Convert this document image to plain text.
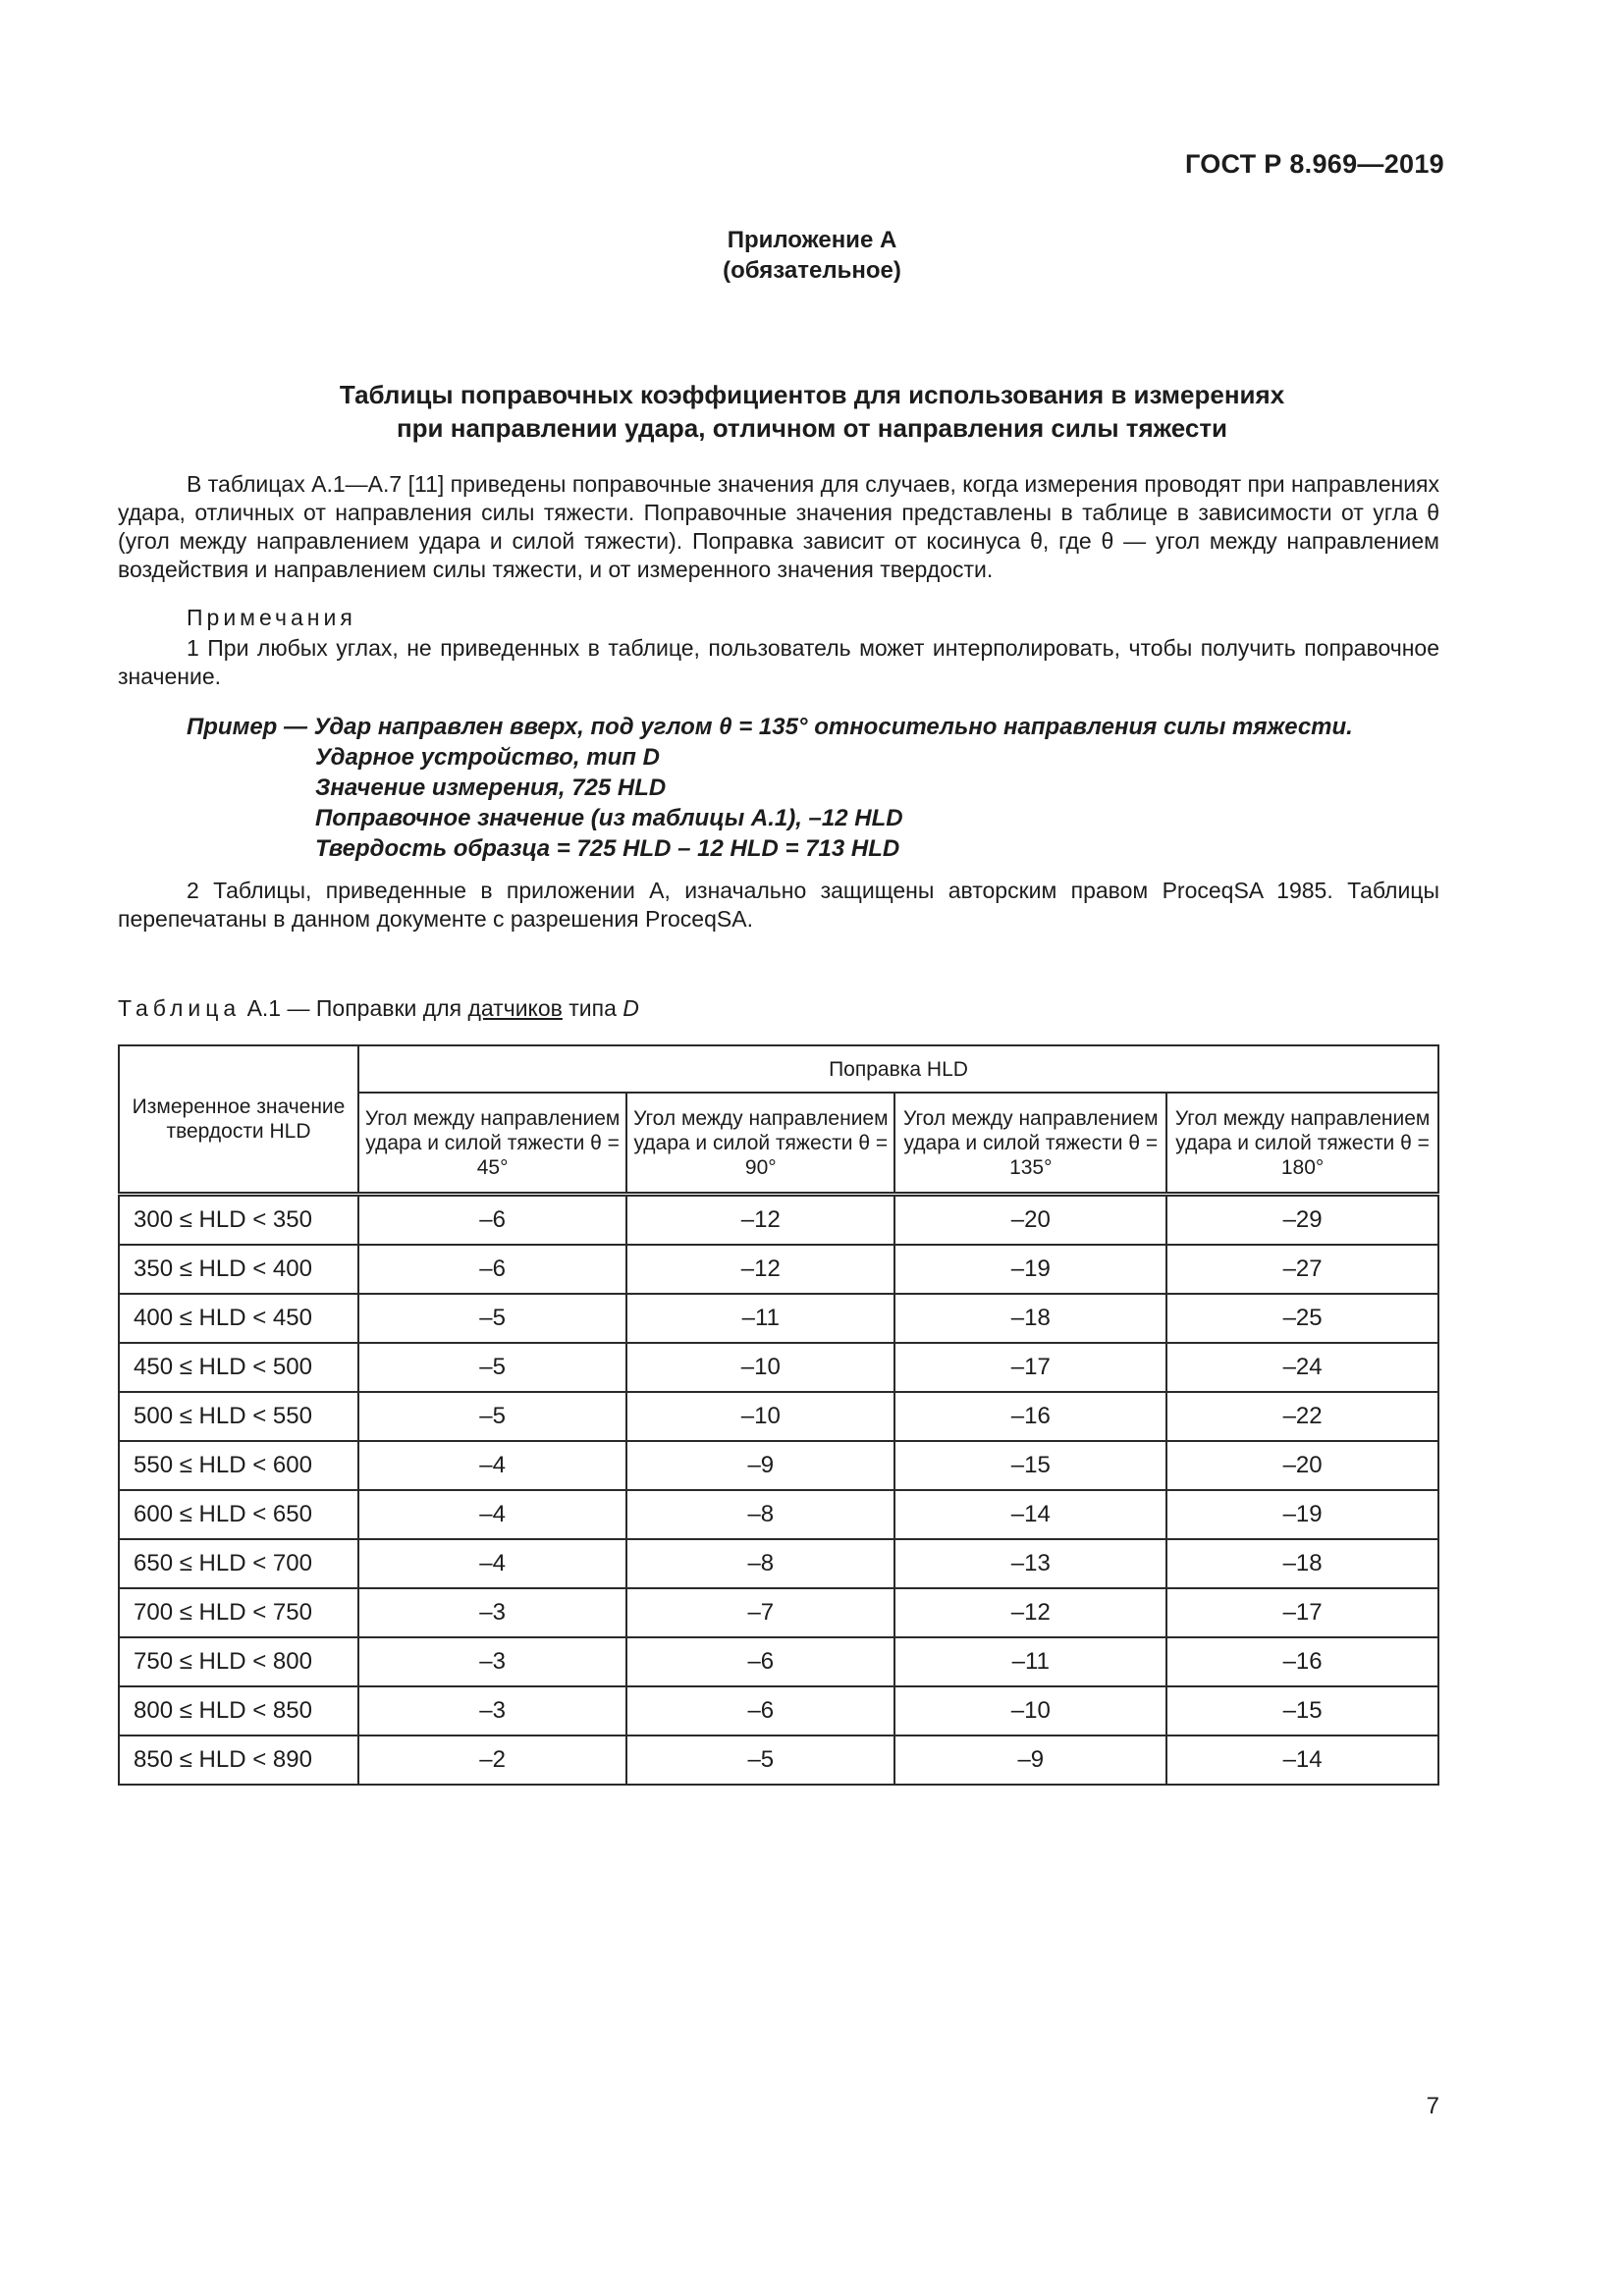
ГОСТ Р 8.969—2019
Приложение А
(обязательное)
Таблицы поправочных коэффициентов для использования в измерениях
при направлении удара, отличном от направления силы тяжести

В таблицах А.1—А.7 [11] приведены поправочные значения для случаев, когда измерения проводят при направлениях удара, отличных от направления силы тяжести. Поправочные значения представлены в таблице в зависимости от угла θ (угол между направлением удара и силой тяжести). Поправка зависит от косинуса θ, где θ — угол между направлением воздействия и направлением силы тяжести, и от измеренного значения твердости.

Примечания

1 При любых углах, не приведенных в таблице, пользователь может интерполировать, чтобы получить поправочное значение.

Пример — Удар направлен вверх, под углом θ = 135° относительно направления силы тяжести.
Ударное устройство, тип D
Значение измерения, 725 HLD
Поправочное значение (из таблицы А.1), –12 HLD
Твердость образца = 725 HLD – 12 HLD = 713 HLD

2 Таблицы, приведенные в приложении А, изначально защищены авторским правом ProceqSA 1985. Таблицы перепечатаны в данном документе с разрешения ProceqSA.

Таблица А.1 — Поправки для датчиков типа D
Измеренное значение твердости HLD	Поправка HLD			
	Угол между направлением удара и силой тяжести θ = 45°	Угол между направлением удара и силой тяжести θ = 90°	Угол между направлением удара и силой тяжести θ = 135°	Угол между направлением удара и силой тяжести θ = 180°
300 ≤ HLD < 350	–6	–12	–20	–29
350 ≤ HLD < 400	–6	–12	–19	–27
400 ≤ HLD < 450	–5	–11	–18	–25
450 ≤ HLD < 500	–5	–10	–17	–24
500 ≤ HLD < 550	–5	–10	–16	–22
550 ≤ HLD < 600	–4	–9	–15	–20
600 ≤ HLD < 650	–4	–8	–14	–19
650 ≤ HLD < 700	–4	–8	–13	–18
700 ≤ HLD < 750	–3	–7	–12	–17
750 ≤ HLD < 800	–3	–6	–11	–16
800 ≤ HLD < 850	–3	–6	–10	–15
850 ≤ HLD < 890	–2	–5	–9	–14
7
